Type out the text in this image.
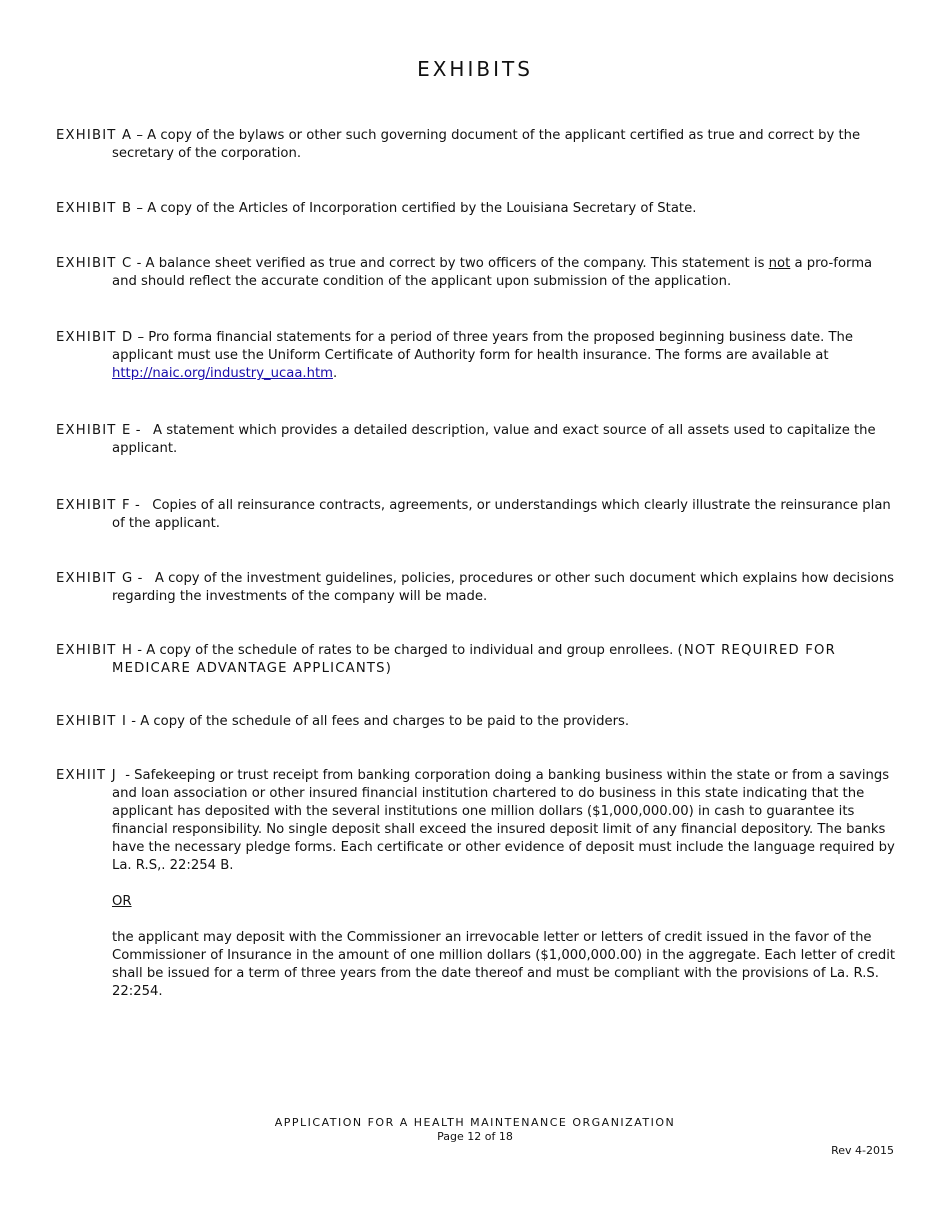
EXHIBITS

EXHIBIT A – A copy of the bylaws or other such governing document of the applicant certified as true and correct by the secretary of the corporation.

EXHIBIT B – A copy of the Articles of Incorporation certified by the Louisiana Secretary of State.

EXHIBIT C - A balance sheet verified as true and correct by two officers of the company. This statement is not a pro-forma and should reflect the accurate condition of the applicant upon submission of the application.

EXHIBIT D – Pro forma financial statements for a period of three years from the proposed beginning business date. The applicant must use the Uniform Certificate of Authority form for health insurance. The forms are available at http://naic.org/industry_ucaa.htm.

EXHIBIT E -   A statement which provides a detailed description, value and exact source of all assets used to capitalize the applicant.

EXHIBIT F -   Copies of all reinsurance contracts, agreements, or understandings which clearly illustrate the reinsurance plan of the applicant.

EXHIBIT G -   A copy of the investment guidelines, policies, procedures or other such document which explains how decisions regarding the investments of the company will be made.

EXHIBIT H - A copy of the schedule of rates to be charged to individual and group enrollees. (NOT REQUIRED FOR MEDICARE ADVANTAGE APPLICANTS)

EXHIBIT I - A copy of the schedule of all fees and charges to be paid to the providers.

EXHIIT J  - Safekeeping or trust receipt from banking corporation doing a banking business within the state or from a savings and loan association or other insured financial institution chartered to do business in this state indicating that the applicant has deposited with the several institutions one million dollars ($1,000,000.00) in cash to guarantee its financial responsibility. No single deposit shall exceed the insured deposit limit of any financial depository. The banks have the necessary pledge forms. Each certificate or other evidence of deposit must include the language required by La. R.S,. 22:254 B.

OR

the applicant may deposit with the Commissioner an irrevocable letter or letters of credit issued in the favor of the Commissioner of Insurance in the amount of one million dollars ($1,000,000.00) in the aggregate. Each letter of credit shall be issued for a term of three years from the date thereof and must be compliant with the provisions of La. R.S. 22:254.

APPLICATION FOR A HEALTH MAINTENANCE ORGANIZATION
Page 12 of 18
Rev 4-2015
